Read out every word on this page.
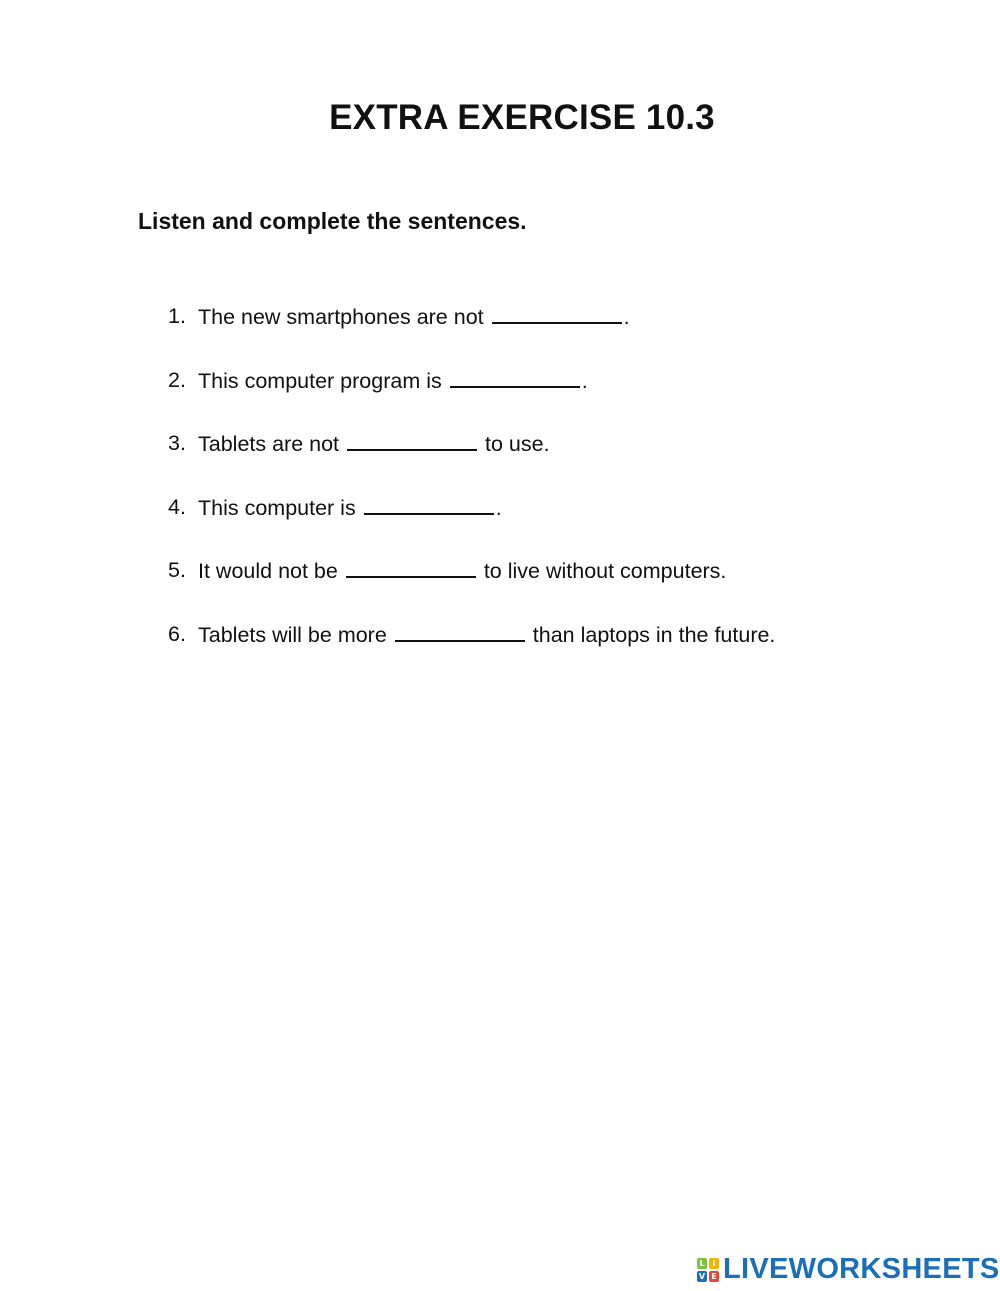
EXTRA EXERCISE 10.3

Listen and complete the sentences.

1. The new smartphones are not	.
2. This computer program is	.
3. Tablets are not	to use.
4. This computer is	.
5. It would not be	to live without computers.
6. Tablets will be more	than laptops in the future.
L I
V E LIVEWORKSHEETS
